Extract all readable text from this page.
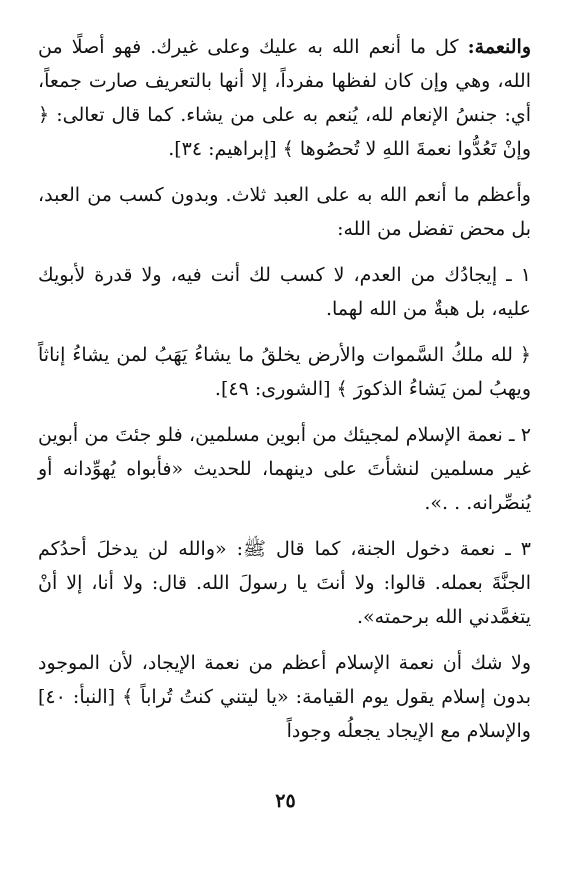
والنعمة: كل ما أنعم الله به عليك وعلى غيرك. فهو أصلًا من الله، وهي وإن كان لفظها مفرداً، إلا أنها بالتعريف صارت جمعاً، أي: جنسُ الإنعام لله، يُنعم به على من يشاء. كما قال تعالى: ﴿ وإنْ تَعُدُّوا نعمةَ اللهِ لا تُحصُوها ﴾ [إبراهيم: ٣٤].

وأعظم ما أنعم الله به على العبد ثلاث. وبدون كسب من العبد، بل محض تفضل من الله:

١ ـ إيجادُك من العدم، لا كسب لك أنت فيه، ولا قدرة لأبويك عليه، بل هبةٌ من الله لهما.

﴿ لله ملكُ السَّموات والأرض يخلقُ ما يشاءُ يَهَبُ لمن يشاءُ إناثاً ويهبُ لمن يَشاءُ الذكورَ ﴾ [الشورى: ٤٩].

٢ ـ نعمة الإسلام لمجيئك من أبوين مسلمين، فلو جئتَ من أبوين غير مسلمين لنشأتَ على دينهما، للحديث «فأبواه يُهوِّدانه أو يُنصِّرانه. . .».

٣ ـ نعمة دخول الجنة، كما قال ﷺ: «والله لن يدخلَ أحدُكم الجنَّةَ بعمله. قالوا: ولا أنتَ يا رسولَ الله. قال: ولا أنا، إلا أنْ يتغمَّدني الله برحمته».

ولا شك أن نعمة الإسلام أعظم من نعمة الإيجاد، لأن الموجود بدون إسلام يقول يوم القيامة: «يا ليتني كنتُ تُراباً ﴾ [النبأ: ٤٠] والإسلام مع الإيجاد يجعلُه وجوداً

٢٥
